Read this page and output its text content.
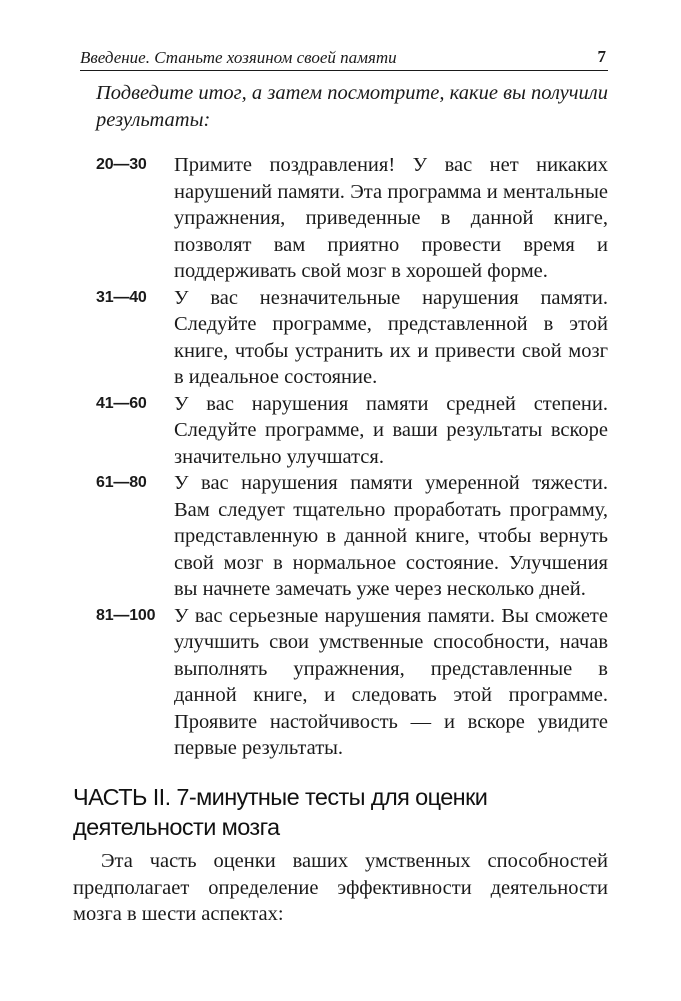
Введение. Станьте хозяином своей памяти	7
Подведите итог, а затем посмотрите, какие вы получили результаты:
20—30	Примите поздравления! У вас нет никаких нарушений памяти. Эта программа и ментальные упражнения, приведенные в данной книге, позволят вам приятно провести время и поддерживать свой мозг в хорошей форме.
31—40	У вас незначительные нарушения памяти. Следуйте программе, представленной в этой книге, чтобы устранить их и привести свой мозг в идеальное состояние.
41—60	У вас нарушения памяти средней степени. Следуйте программе, и ваши результаты вскоре значительно улучшатся.
61—80	У вас нарушения памяти умеренной тяжести. Вам следует тщательно проработать программу, представленную в данной книге, чтобы вернуть свой мозг в нормальное состояние. Улучшения вы начнете замечать уже через несколько дней.
81—100 У вас серьезные нарушения памяти. Вы сможете улучшить свои умственные способности, начав выполнять упражнения, представленные в данной книге, и следовать этой программе. Проявите настойчивость — и вскоре увидите первые результаты.
ЧАСТЬ II. 7-минутные тесты для оценки деятельности мозга
Эта часть оценки ваших умственных способностей предполагает определение эффективности деятельности мозга в шести аспектах:
